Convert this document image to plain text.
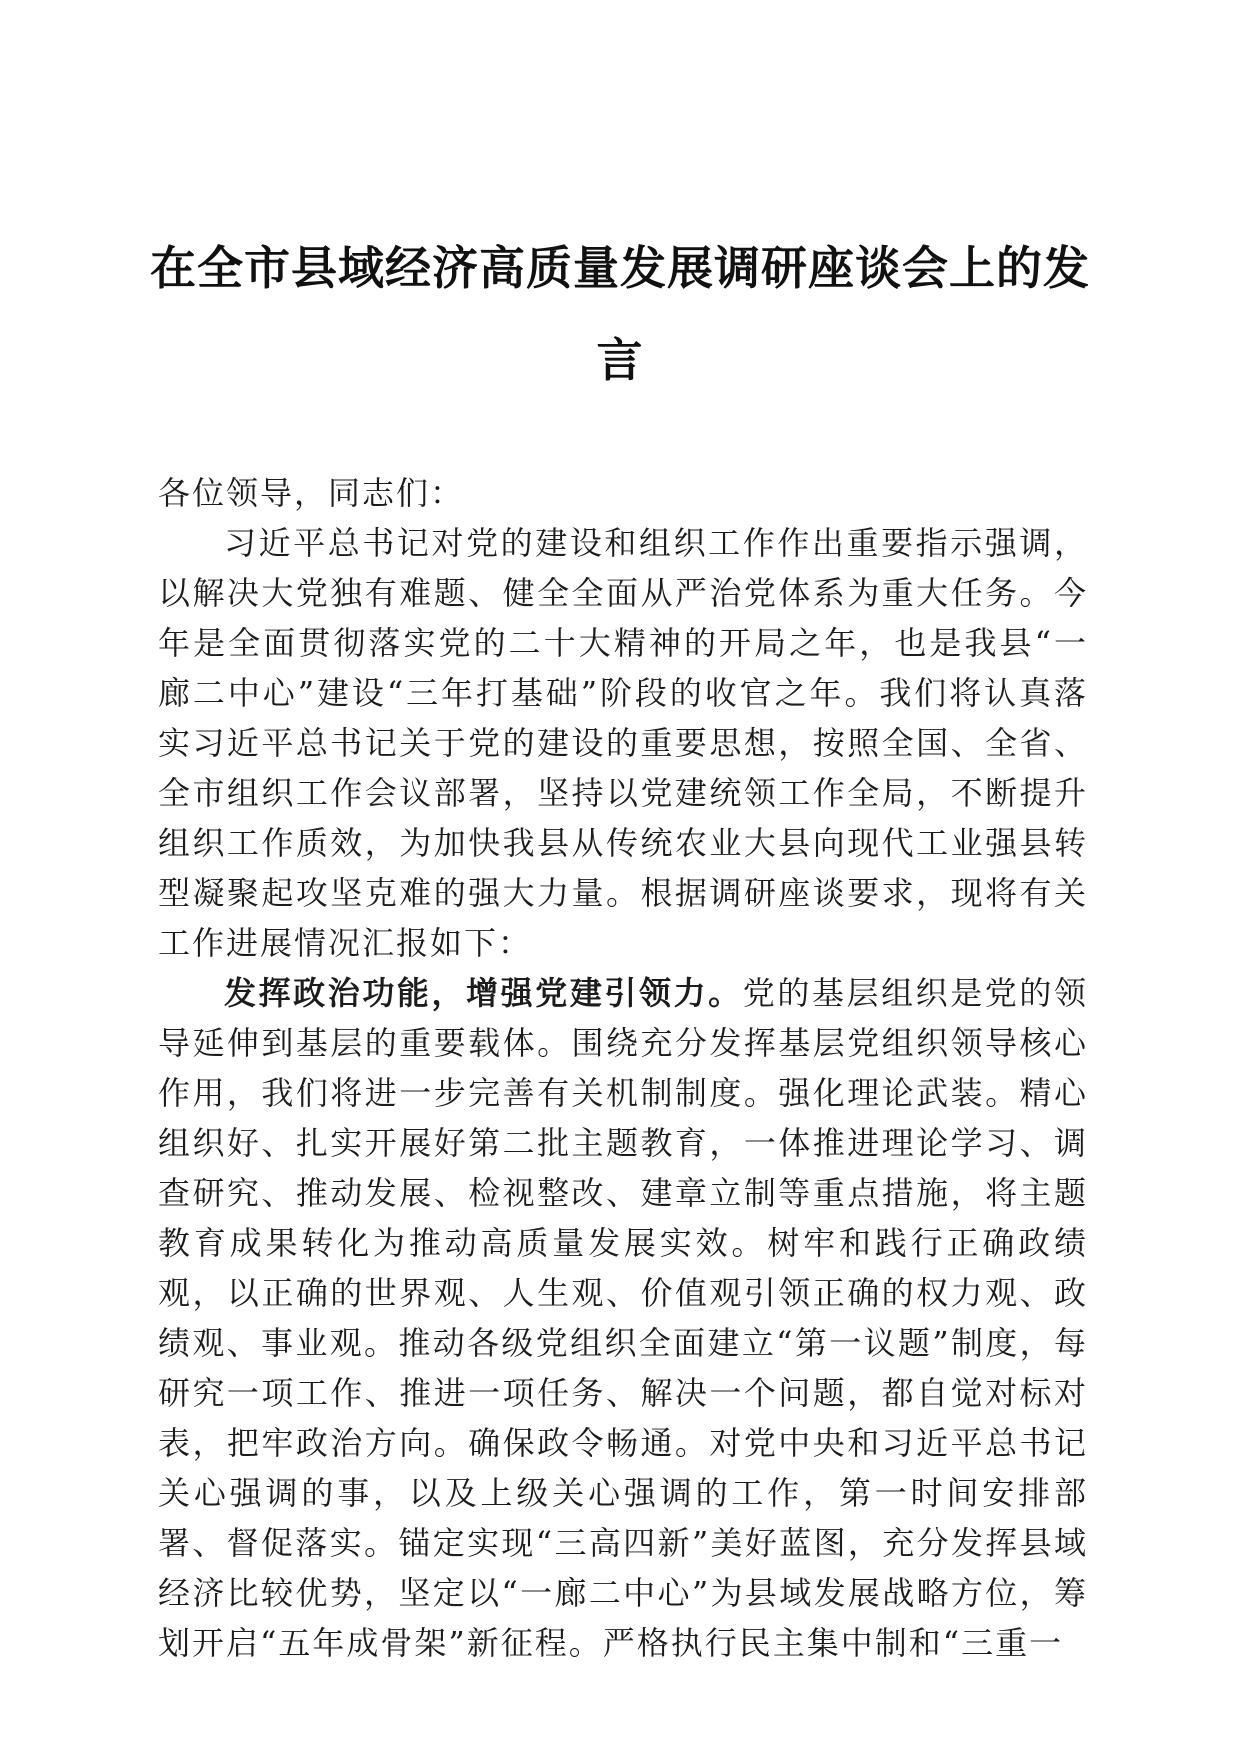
在全市县域经济高质量发展调研座谈会上的发
言

各位领导，同志们：

习近平总书记对党的建设和组织工作作出重要指示强调，以解决大党独有难题、健全全面从严治党体系为重大任务。今年是全面贯彻落实党的二十大精神的开局之年，也是我县“一廊二中心”建设“三年打基础”阶段的收官之年。我们将认真落实习近平总书记关于党的建设的重要思想，按照全国、全省、全市组织工作会议部署，坚持以党建统领工作全局，不断提升组织工作质效，为加快我县从传统农业大县向现代工业强县转型凝聚起攻坚克难的强大力量。根据调研座谈要求，现将有关工作进展情况汇报如下：

发挥政治功能，增强党建引领力。党的基层组织是党的领导延伸到基层的重要载体。围绕充分发挥基层党组织领导核心作用，我们将进一步完善有关机制制度。强化理论武装。精心组织好、扎实开展好第二批主题教育，一体推进理论学习、调查研究、推动发展、检视整改、建章立制等重点措施，将主题教育成果转化为推动高质量发展实效。树牢和践行正确政绩观，以正确的世界观、人生观、价值观引领正确的权力观、政绩观、事业观。推动各级党组织全面建立“第一议题”制度，每研究一项工作、推进一项任务、解决一个问题，都自觉对标对表，把牢政治方向。确保政令畅通。对党中央和习近平总书记关心强调的事，以及上级关心强调的工作，第一时间安排部署、督促落实。锚定实现“三高四新”美好蓝图，充分发挥县域经济比较优势，坚定以“一廊二中心”为县域发展战略方位，筹划开启“五年成骨架”新征程。严格执行民主集中制和“三重一
